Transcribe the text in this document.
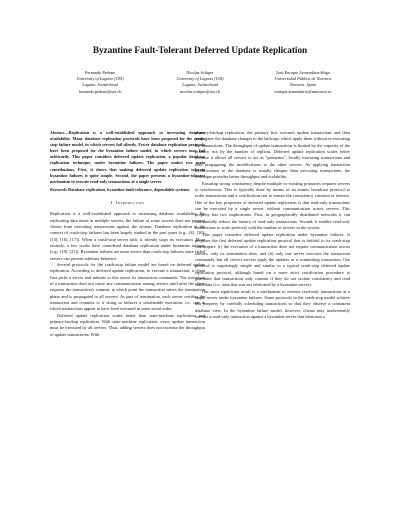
Byzantine Fault-Tolerant Deferred Update Replication
Fernando Pedone
University of Lugano (USI)
Lugano, Switzerland
fernando.pedone@usi.ch
Nicolas Schiper
University of Lugano (USI)
Lugano, Switzerland
nicolas.schiper@usi.ch
José Enrique Armendáriz-Iñigo
Universidad Pública de Navarra
Navarra, Spain
enrique.armendariz@unavarra.es
Abstract—Replication is a well-established approach to increasing database availability. Many database replication protocols have been proposed for the crash-stop failure model, in which servers fail silently. Fewer database replication protocols have been proposed for the byzantine failure model, in which servers may fail arbitrarily. This paper considers deferred update replication, a popular database replication technique, under byzantine failures. The paper makes two main contributions. First, it shows that making deferred update replication tolerate byzantine failures is quite simple. Second, the paper presents a byzantine-tolerant mechanism to execute read-only transactions at a single server.
Keywords-Database replication, byzantine fault-tolerance, dependable systems.
I. Introduction

Replication is a well-established approach to increasing database availability. By replicating data items in multiple servers, the failure of some servers does not prevent clients from executing transactions against the system. Database replication in the context of crash-stop failures has been largely studied in the past years (e.g., [4], [10], [13], [16], [17]). When a crash-stop server fails, it silently stops its execution. More recently, a few works have considered database replication under byzantine failures (e.g., [18], [21]). Byzantine failures are more severe than crash-stop failures since failed servers can present arbitrary behavior.

Several protocols for the crash-stop failure model are based on deferred update replication. According to deferred update replication, to execute a transaction, a client first picks a server and submits to this server its transaction commands. The execution of a transaction does not cause any communication among servers until after the client requests the transaction's commit, at which point the transaction enters the termination phase and is propagated to all servers. As part of termination, each server certifies the transaction and commits it, if doing so induces a serializable execution, i.e., one in which transactions appear to have been executed in some serial order.

Deferred update replication scales better than state-machine replication and primary-backup replication. With state-machine replication, every update transaction must be executed by all servers. Thus, adding servers does not increase the throughput of update transactions. With

primary-backup replication, the primary first executes update transactions and then propagates the database changes to the backups, which apply them without re-executing the transactions. The throughput of update transactions is limited by the capacity of the primary, not by the number of replicas. Deferred update replication scales better because it allows all servers to act as "primaries", locally executing transactions and then propagating the modifications to the other servers. As applying transaction modifications to the database is usually cheaper than executing transactions, the technique provides better throughput and scalability.

Ensuring strong consistency despite multiple co-existing primaries requires servers to synchronize. This is typically done by means of an atomic broadcast protocol to order transactions and a certification test to ensure the consistency criterion of interest. One of the key properties of deferred update replication is that read-only transactions can be executed by a single server, without communication across servers. This property has two implications. First, in geographically distributed networks it can substantially reduce the latency of read-only transactions. Second, it enables read-only transactions to scale perfectly with the number of servers in the system.

This paper considers deferred update replication under byzantine failures. It proposes the first deferred update replication protocol that is faithful to its crash-stop counterpart: (i) the execution of a transaction does not require communication across servers, only its termination does, and (ii) only one server executes the transaction commands, but all correct servers apply the updates of a committing transaction. Our protocol is surprisingly simple and similar to a typical crash-stop deferred update replication protocol, although based on a more strict certification procedure to guarantee that transactions only commit if they do not violate consistency and read valid data (i.e., data that was not fabricated by a byzantine server).

Our most significant result is a mechanism to execute read-only transactions at a single server under byzantine failures. Some protocols in the crash-stop model achieve this property by carefully scheduling transactions so that they observe a consistent database view. In the byzantine failure model, however, clients may inadvertently execute a read-only transaction against a byzantine server that fabricates a
